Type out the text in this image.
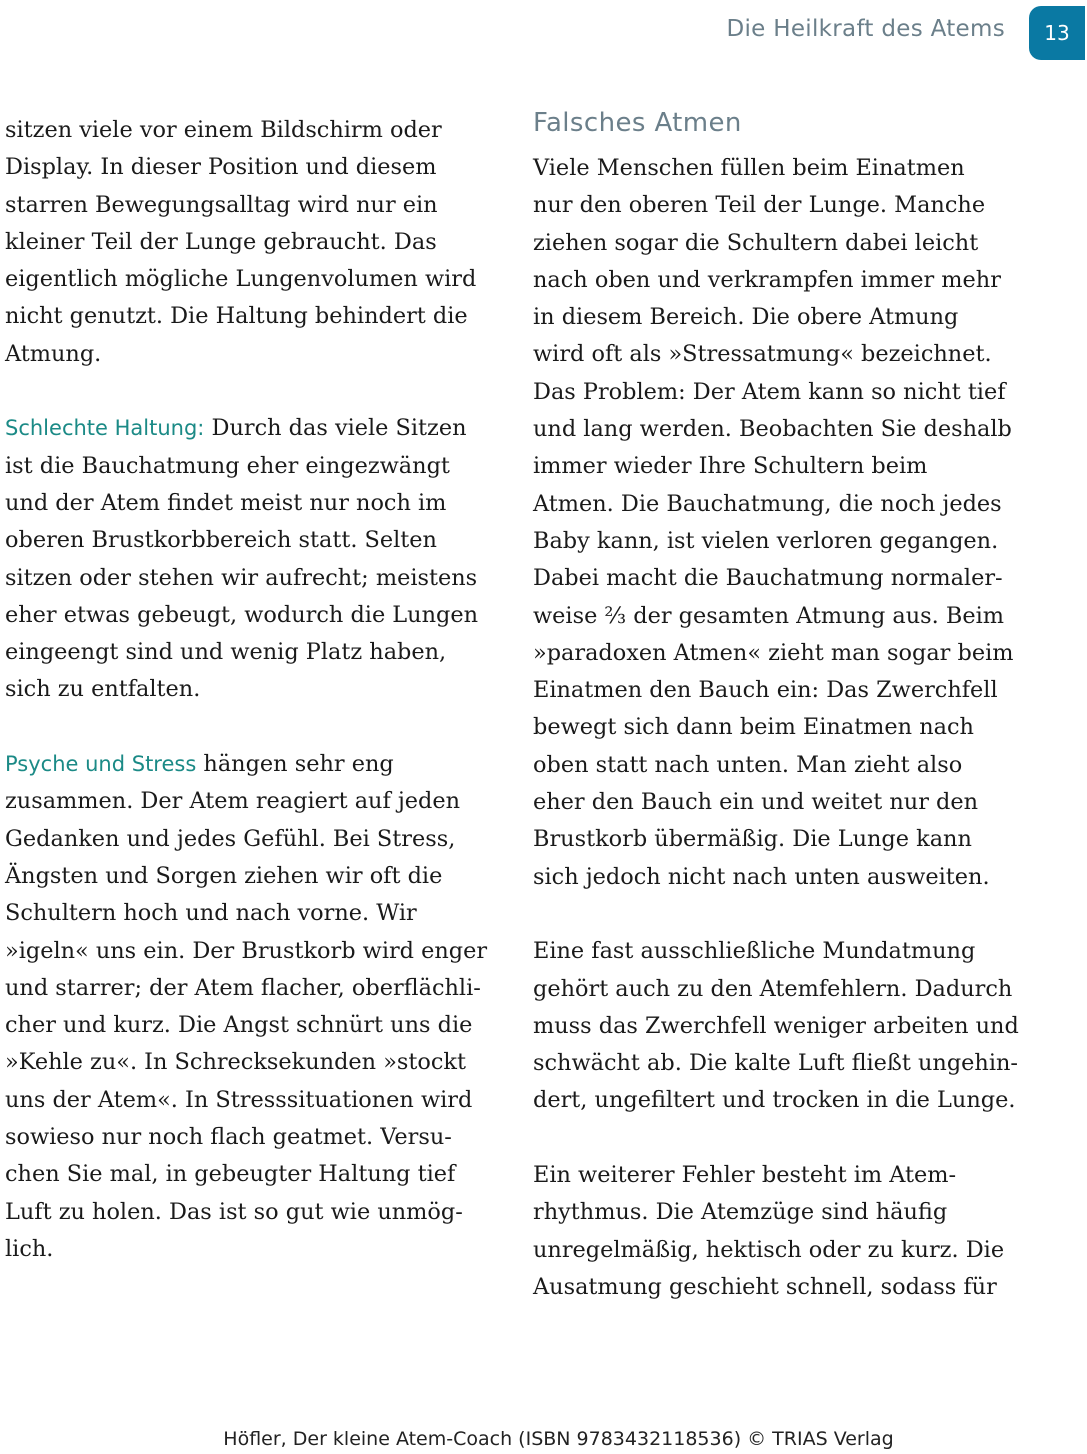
Die Heilkraft des Atems	13
sitzen viele vor einem Bildschirm oder
Display. In dieser Position und diesem
starren Bewegungsalltag wird nur ein
kleiner Teil der Lunge gebraucht. Das
eigentlich mögliche Lungenvolumen wird
nicht genutzt. Die Haltung behindert die
Atmung.
Schlechte Haltung: Durch das viele Sitzen
ist die Bauchatmung eher eingezwängt
und der Atem findet meist nur noch im
oberen Brustkorbbereich statt. Selten
sitzen oder stehen wir aufrecht; meistens
eher etwas gebeugt, wodurch die Lungen
eingeengt sind und wenig Platz haben,
sich zu entfalten.
Psyche und Stress hängen sehr eng
zusammen. Der Atem reagiert auf jeden
Gedanken und jedes Gefühl. Bei Stress,
Ängsten und Sorgen ziehen wir oft die
Schultern hoch und nach vorne. Wir
»igeln« uns ein. Der Brustkorb wird enger
und starrer; der Atem flacher, oberflächli-
cher und kurz. Die Angst schnürt uns die
»Kehle zu«. In Schrecksekunden »stockt
uns der Atem«. In Stresssituationen wird
sowieso nur noch flach geatmet. Versu-
chen Sie mal, in gebeugter Haltung tief
Luft zu holen. Das ist so gut wie unmög-
lich.
Falsches Atmen
Viele Menschen füllen beim Einatmen
nur den oberen Teil der Lunge. Manche
ziehen sogar die Schultern dabei leicht
nach oben und verkrampfen immer mehr
in diesem Bereich. Die obere Atmung
wird oft als »Stressatmung« bezeichnet.
Das Problem: Der Atem kann so nicht tief
und lang werden. Beobachten Sie deshalb
immer wieder Ihre Schultern beim
Atmen. Die Bauchatmung, die noch jedes
Baby kann, ist vielen verloren gegangen.
Dabei macht die Bauchatmung normaler-
weise ⅔ der gesamten Atmung aus. Beim
»paradoxen Atmen« zieht man sogar beim
Einatmen den Bauch ein: Das Zwerchfell
bewegt sich dann beim Einatmen nach
oben statt nach unten. Man zieht also
eher den Bauch ein und weitet nur den
Brustkorb übermäßig. Die Lunge kann
sich jedoch nicht nach unten ausweiten.
Eine fast ausschließliche Mundatmung
gehört auch zu den Atemfehlern. Dadurch
muss das Zwerchfell weniger arbeiten und
schwächt ab. Die kalte Luft fließt ungehin-
dert, ungefiltert und trocken in die Lunge.
Ein weiterer Fehler besteht im Atem-
rhythmus. Die Atemzüge sind häufig
unregelmäßig, hektisch oder zu kurz. Die
Ausatmung geschieht schnell, sodass für
Höfler, Der kleine Atem-Coach (ISBN 9783432118536) © TRIAS Verlag
